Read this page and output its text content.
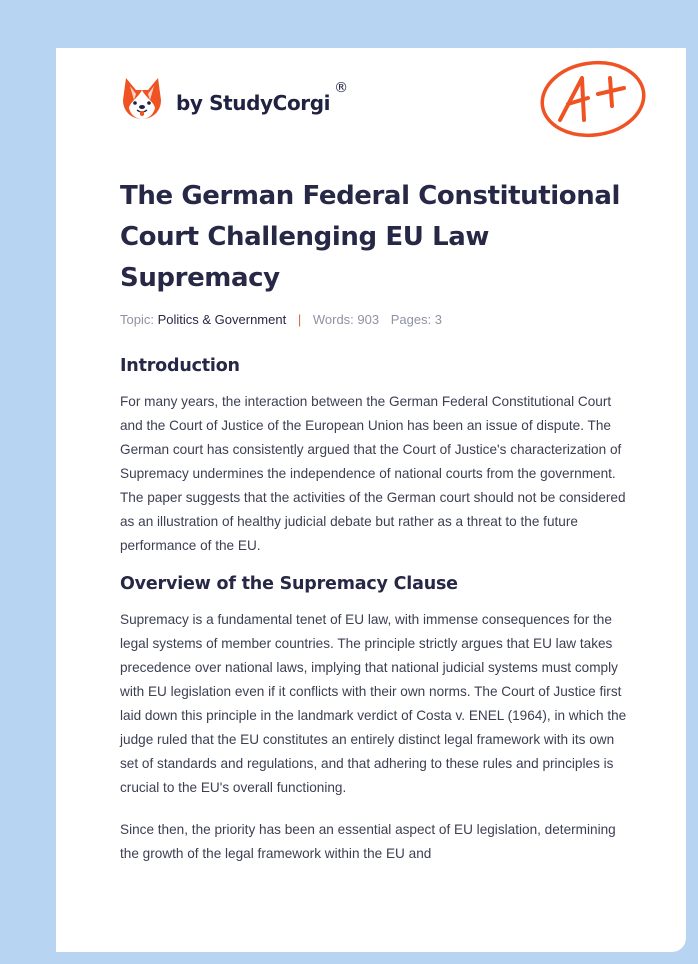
by StudyCorgi
®
The German Federal Constitutional Court Challenging EU Law Supremacy
Topic: Politics & Government | Words: 903 Pages: 3
Introduction

For many years, the interaction between the German Federal Constitutional Court and the Court of Justice of the European Union has been an issue of dispute. The German court has consistently argued that the Court of Justice's characterization of Supremacy undermines the independence of national courts from the government. The paper suggests that the activities of the German court should not be considered as an illustration of healthy judicial debate but rather as a threat to the future performance of the EU.

Overview of the Supremacy Clause

Supremacy is a fundamental tenet of EU law, with immense consequences for the legal systems of member countries. The principle strictly argues that EU law takes precedence over national laws, implying that national judicial systems must comply with EU legislation even if it conflicts with their own norms. The Court of Justice first laid down this principle in the landmark verdict of Costa v. ENEL (1964), in which the judge ruled that the EU constitutes an entirely distinct legal framework with its own set of standards and regulations, and that adhering to these rules and principles is crucial to the EU's overall functioning.

Since then, the priority has been an essential aspect of EU legislation, determining the growth of the legal framework within the EU and
